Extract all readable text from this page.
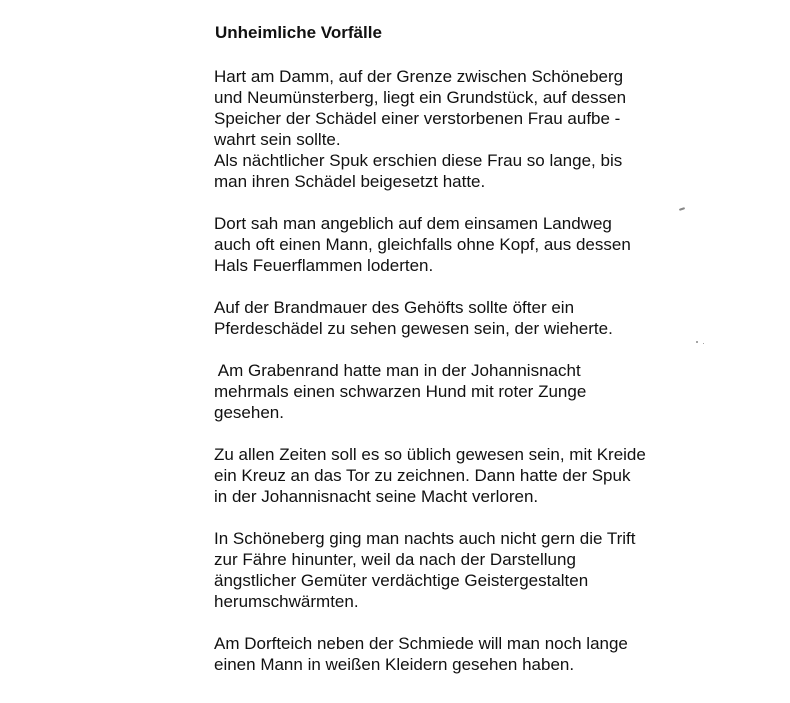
Unheimliche Vorfälle

Hart am Damm, auf der Grenze zwischen Schöneberg
und Neumünsterberg, liegt ein Grundstück, auf dessen
Speicher der Schädel einer verstorbenen Frau aufbe -
wahrt sein sollte.
Als nächtlicher Spuk erschien diese Frau so lange, bis
man ihren Schädel beigesetzt hatte.

Dort sah man angeblich auf dem einsamen Landweg
auch oft einen Mann, gleichfalls ohne Kopf, aus dessen
Hals Feuerflammen loderten.

Auf der Brandmauer des Gehöfts sollte öfter ein
Pferdeschädel zu sehen gewesen sein, der wieherte.

Am Grabenrand hatte man in der Johannisnacht
mehrmals einen schwarzen Hund mit roter Zunge
gesehen.

Zu allen Zeiten soll es so üblich gewesen sein, mit Kreide
ein Kreuz an das Tor zu zeichnen. Dann hatte der Spuk
in der Johannisnacht seine Macht verloren.

In Schöneberg ging man nachts auch nicht gern die Trift
zur Fähre hinunter, weil da nach der Darstellung
ängstlicher Gemüter verdächtige Geistergestalten
herumschwärmten.

Am Dorfteich neben der Schmiede will man noch lange
einen Mann in weißen Kleidern gesehen haben.
